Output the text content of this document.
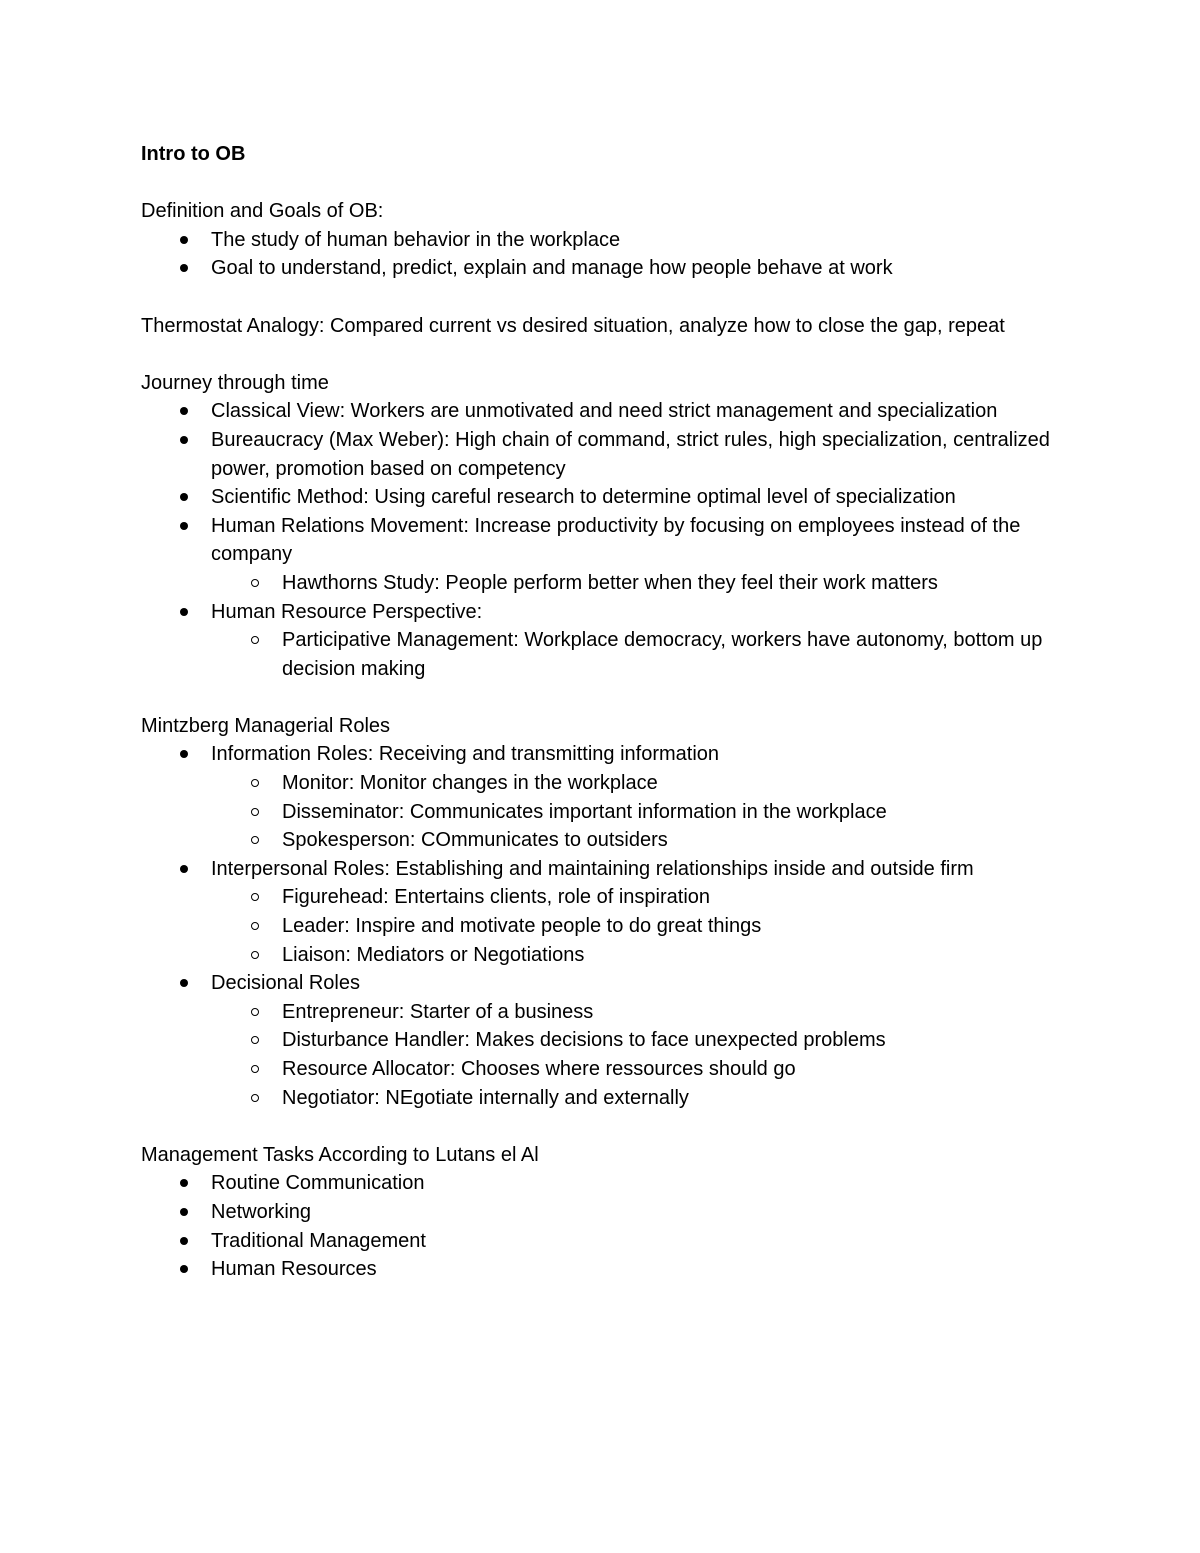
Intro to OB

Definition and Goals of OB:

The study of human behavior in the workplace
Goal to understand, predict, explain and manage how people behave at work

Thermostat Analogy: Compared current vs desired situation, analyze how to close the gap, repeat

Journey through time

Classical View: Workers are unmotivated and need strict management and specialization
Bureaucracy (Max Weber): High chain of command, strict rules, high specialization, centralized power, promotion based on competency
Scientific Method: Using careful research to determine optimal level of specialization
Human Relations Movement: Increase productivity by focusing on employees instead of the company
Hawthorns Study: People perform better when they feel their work matters
Human Resource Perspective:
Participative Management: Workplace democracy, workers have autonomy, bottom up decision making

Mintzberg Managerial Roles

Information Roles: Receiving and transmitting information
Monitor: Monitor changes in the workplace
Disseminator: Communicates important information in the workplace
Spokesperson: COmmunicates to outsiders
Interpersonal Roles: Establishing and maintaining relationships inside and outside firm
Figurehead: Entertains clients, role of inspiration
Leader: Inspire and motivate people to do great things
Liaison: Mediators or Negotiations
Decisional Roles
Entrepreneur: Starter of a business
Disturbance Handler: Makes decisions to face unexpected problems
Resource Allocator: Chooses where ressources should go
Negotiator: NEgotiate internally and externally

Management Tasks According to Lutans el Al

Routine Communication
Networking
Traditional Management
Human Resources
